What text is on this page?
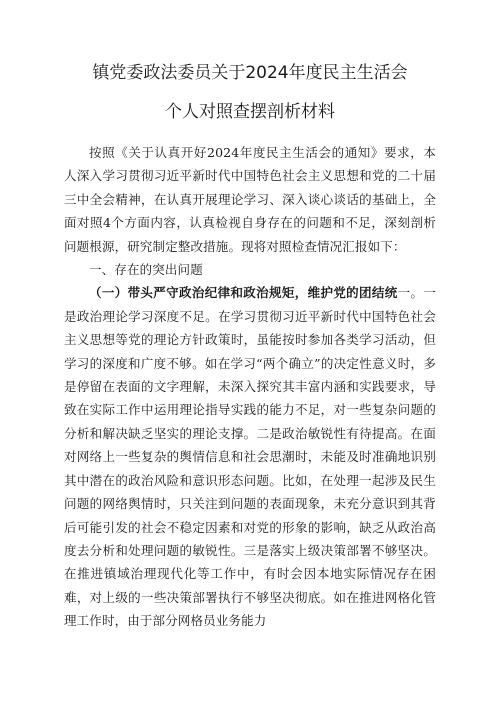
镇党委政法委员关于2024年度民主生活会
个人对照查摆剖析材料

按照《关于认真开好2024年度民主生活会的通知》要求，本人深入学习贯彻习近平新时代中国特色社会主义思想和党的二十届三中全会精神，在认真开展理论学习、深入谈心谈话的基础上，全面对照4个方面内容，认真检视自身存在的问题和不足，深刻剖析问题根源，研究制定整改措施。现将对照检查情况汇报如下：

一、存在的突出问题

（一）带头严守政治纪律和政治规矩，维护党的团结统一。一是政治理论学习深度不足。在学习贯彻习近平新时代中国特色社会主义思想等党的理论方针政策时，虽能按时参加各类学习活动，但学习的深度和广度不够。如在学习“两个确立”的决定性意义时，多是停留在表面的文字理解，未深入探究其丰富内涵和实践要求，导致在实际工作中运用理论指导实践的能力不足，对一些复杂问题的分析和解决缺乏坚实的理论支撑。二是政治敏锐性有待提高。在面对网络上一些复杂的舆情信息和社会思潮时，未能及时准确地识别其中潜在的政治风险和意识形态问题。比如，在处理一起涉及民生问题的网络舆情时，只关注到问题的表面现象，未充分意识到其背后可能引发的社会不稳定因素和对党的形象的影响，缺乏从政治高度去分析和处理问题的敏锐性。三是落实上级决策部署不够坚决。在推进镇域治理现代化等工作中，有时会因本地实际情况存在困难，对上级的一些决策部署执行不够坚决彻底。如在推进网格化管理工作时，由于部分网格员业务能力
